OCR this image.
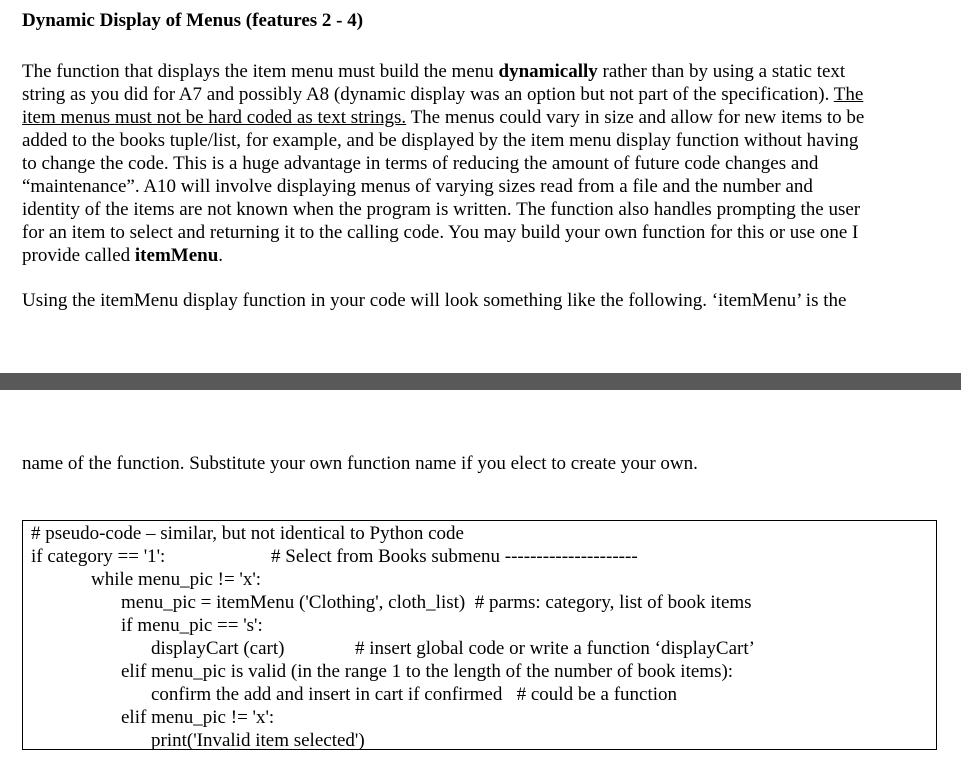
Dynamic Display of Menus (features 2 - 4)

The function that displays the item menu must build the menu dynamically rather than by using a static text
string as you did for A7 and possibly A8 (dynamic display was an option but not part of the specification). The
item menus must not be hard coded as text strings. The menus could vary in size and allow for new items to be
added to the books tuple/list, for example, and be displayed by the item menu display function without having
to change the code. This is a huge advantage in terms of reducing the amount of future code changes and
“maintenance”. A10 will involve displaying menus of varying sizes read from a file and the number and
identity of the items are not known when the program is written. The function also handles prompting the user
for an item to select and returning it to the calling code. You may build your own function for this or use one I
provide called itemMenu.

Using the itemMenu display function in your code will look something like the following. ‘itemMenu’ is the

name of the function. Substitute your own function name if you elect to create your own.

# pseudo-code – similar, but not identical to Python code
if category == '1':	# Select from Books submenu ---------------------
while menu_pic != 'x':
menu_pic = itemMenu ('Clothing', cloth_list)  # parms: category, list of book items
if menu_pic == 's':
displayCart (cart)	# insert global code or write a function ‘displayCart’
elif menu_pic is valid (in the range 1 to the length of the number of book items):
confirm the add and insert in cart if confirmed   # could be a function
elif menu_pic != 'x':
print('Invalid item selected')
